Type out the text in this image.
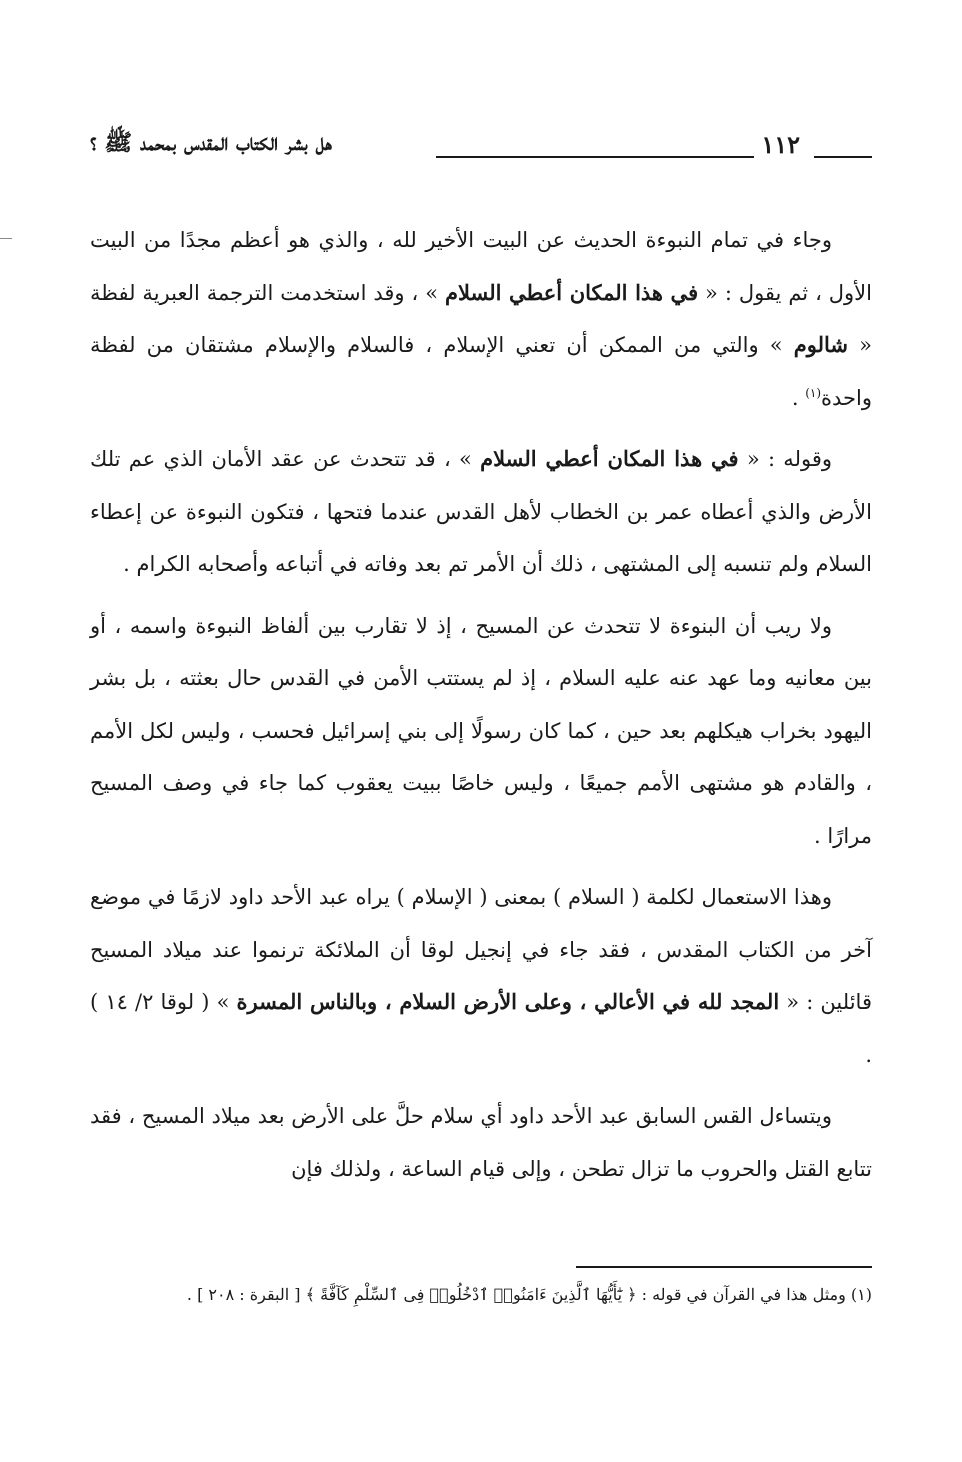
١١٢
هل بشر الكتاب المقدس بمحمد ﷺ ؟

وجاء في تمام النبوءة الحديث عن البيت الأخير لله ، والذي هو أعظم مجدًا من البيت الأول ، ثم يقول : « في هذا المكان أعطي السلام » ، وقد استخدمت الترجمة العبرية لفظة « شالوم » والتي من الممكن أن تعني الإسلام ، فالسلام والإسلام مشتقان من لفظة واحدة$^{(١)}$ .

وقوله : « في هذا المكان أعطي السلام » ، قد تتحدث عن عقد الأمان الذي عم تلك الأرض والذي أعطاه عمر بن الخطاب لأهل القدس عندما فتحها ، فتكون النبوءة عن إعطاء السلام ولم تنسبه إلى المشتهى ، ذلك أن الأمر تم بعد وفاته في أتباعه وأصحابه الكرام .

ولا ريب أن البنوءة لا تتحدث عن المسيح ، إذ لا تقارب بين ألفاظ النبوءة واسمه ، أو بين معانيه وما عهد عنه عليه السلام ، إذ لم يستتب الأمن في القدس حال بعثته ، بل بشر اليهود بخراب هيكلهم بعد حين ، كما كان رسولًا إلى بني إسرائيل فحسب ، وليس لكل الأمم ، والقادم هو مشتهى الأمم جميعًا ، وليس خاصًا ببيت يعقوب كما جاء في وصف المسيح مرارًا .

وهذا الاستعمال لكلمة ( السلام ) بمعنى ( الإسلام ) يراه عبد الأحد داود لازمًا في موضع آخر من الكتاب المقدس ، فقد جاء في إنجيل لوقا أن الملائكة ترنموا عند ميلاد المسيح قائلين : « المجد لله في الأعالي ، وعلى الأرض السلام ، وبالناس المسرة » ( لوقا ٢/ ١٤ ) .

ويتساءل القس السابق عبد الأحد داود أي سلام حلَّ على الأرض بعد ميلاد المسيح ، فقد تتابع القتل والحروب ما تزال تطحن ، وإلى قيام الساعة ، ولذلك فإن

(١) ومثل هذا في القرآن في قوله : ﴿ يَٰٓأَيُّهَا ٱلَّذِينَ ءَامَنُوا۟ ٱدْخُلُوا۟ فِى ٱلسِّلْمِ كَآفَّةً ﴾ [ البقرة : ٢٠٨ ] .
